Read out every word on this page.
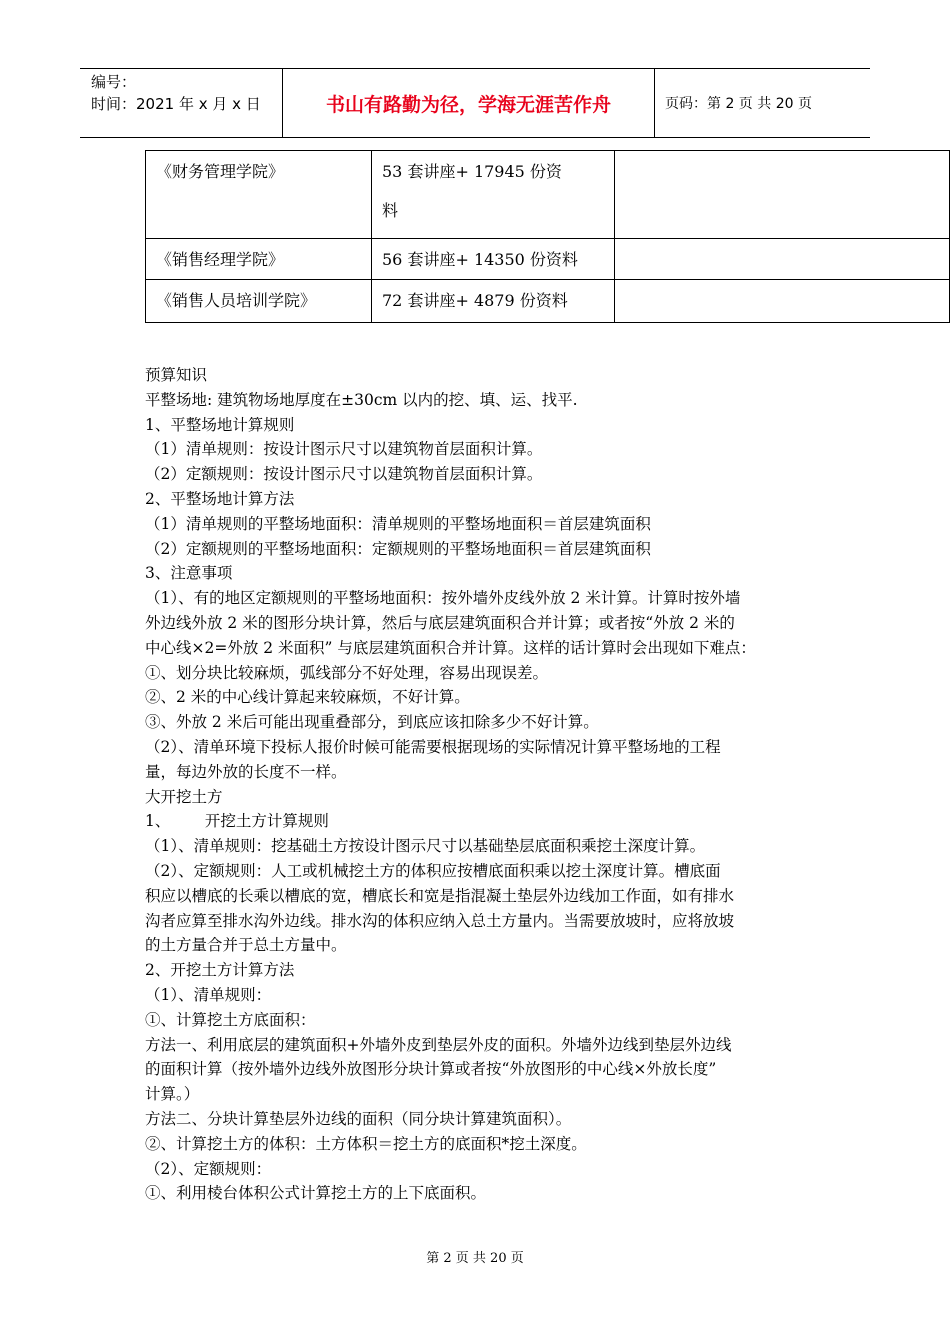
编号：
时间：2021 年 x 月 x 日	书山有路勤为径，学海无涯苦作舟	页码：第 2 页 共 20 页
《财务管理学院》	53 套讲座+ 17945 份资
料	

《销售经理学院》	56 套讲座+ 14350 份资料	
《销售人员培训学院》	72 套讲座+ 4879 份资料	

预算知识

平整场地: 建筑物场地厚度在±30cm 以内的挖、填、运、找平.

1、平整场地计算规则

（1）清单规则：按设计图示尺寸以建筑物首层面积计算。

（2）定额规则：按设计图示尺寸以建筑物首层面积计算。

2、平整场地计算方法

（1）清单规则的平整场地面积：清单规则的平整场地面积＝首层建筑面积

（2）定额规则的平整场地面积：定额规则的平整场地面积＝首层建筑面积

3、注意事项

（1）、有的地区定额规则的平整场地面积：按外墙外皮线外放 2 米计算。计算时按外墙

外边线外放 2 米的图形分块计算，然后与底层建筑面积合并计算；或者按“外放 2 米的

中心线×2=外放 2 米面积” 与底层建筑面积合并计算。这样的话计算时会出现如下难点：

①、划分块比较麻烦，弧线部分不好处理，容易出现误差。

②、2 米的中心线计算起来较麻烦，不好计算。

③、外放 2 米后可能出现重叠部分，到底应该扣除多少不好计算。

（2）、清单环境下投标人报价时候可能需要根据现场的实际情况计算平整场地的工程

量，每边外放的长度不一样。

大开挖土方

1、       开挖土方计算规则

（1）、清单规则：挖基础土方按设计图示尺寸以基础垫层底面积乘挖土深度计算。

（2）、定额规则：人工或机械挖土方的体积应按槽底面积乘以挖土深度计算。槽底面

积应以槽底的长乘以槽底的宽，槽底长和宽是指混凝土垫层外边线加工作面，如有排水

沟者应算至排水沟外边线。排水沟的体积应纳入总土方量内。当需要放坡时，应将放坡

的土方量合并于总土方量中。

2、开挖土方计算方法

（1）、清单规则：

①、计算挖土方底面积：

方法一、利用底层的建筑面积+外墙外皮到垫层外皮的面积。外墙外边线到垫层外边线

的面积计算（按外墙外边线外放图形分块计算或者按“外放图形的中心线×外放长度”

计算。）

方法二、分块计算垫层外边线的面积（同分块计算建筑面积）。

②、计算挖土方的体积：土方体积＝挖土方的底面积*挖土深度。

（2）、定额规则：

①、利用棱台体积公式计算挖土方的上下底面积。

第 2 页 共 20 页
